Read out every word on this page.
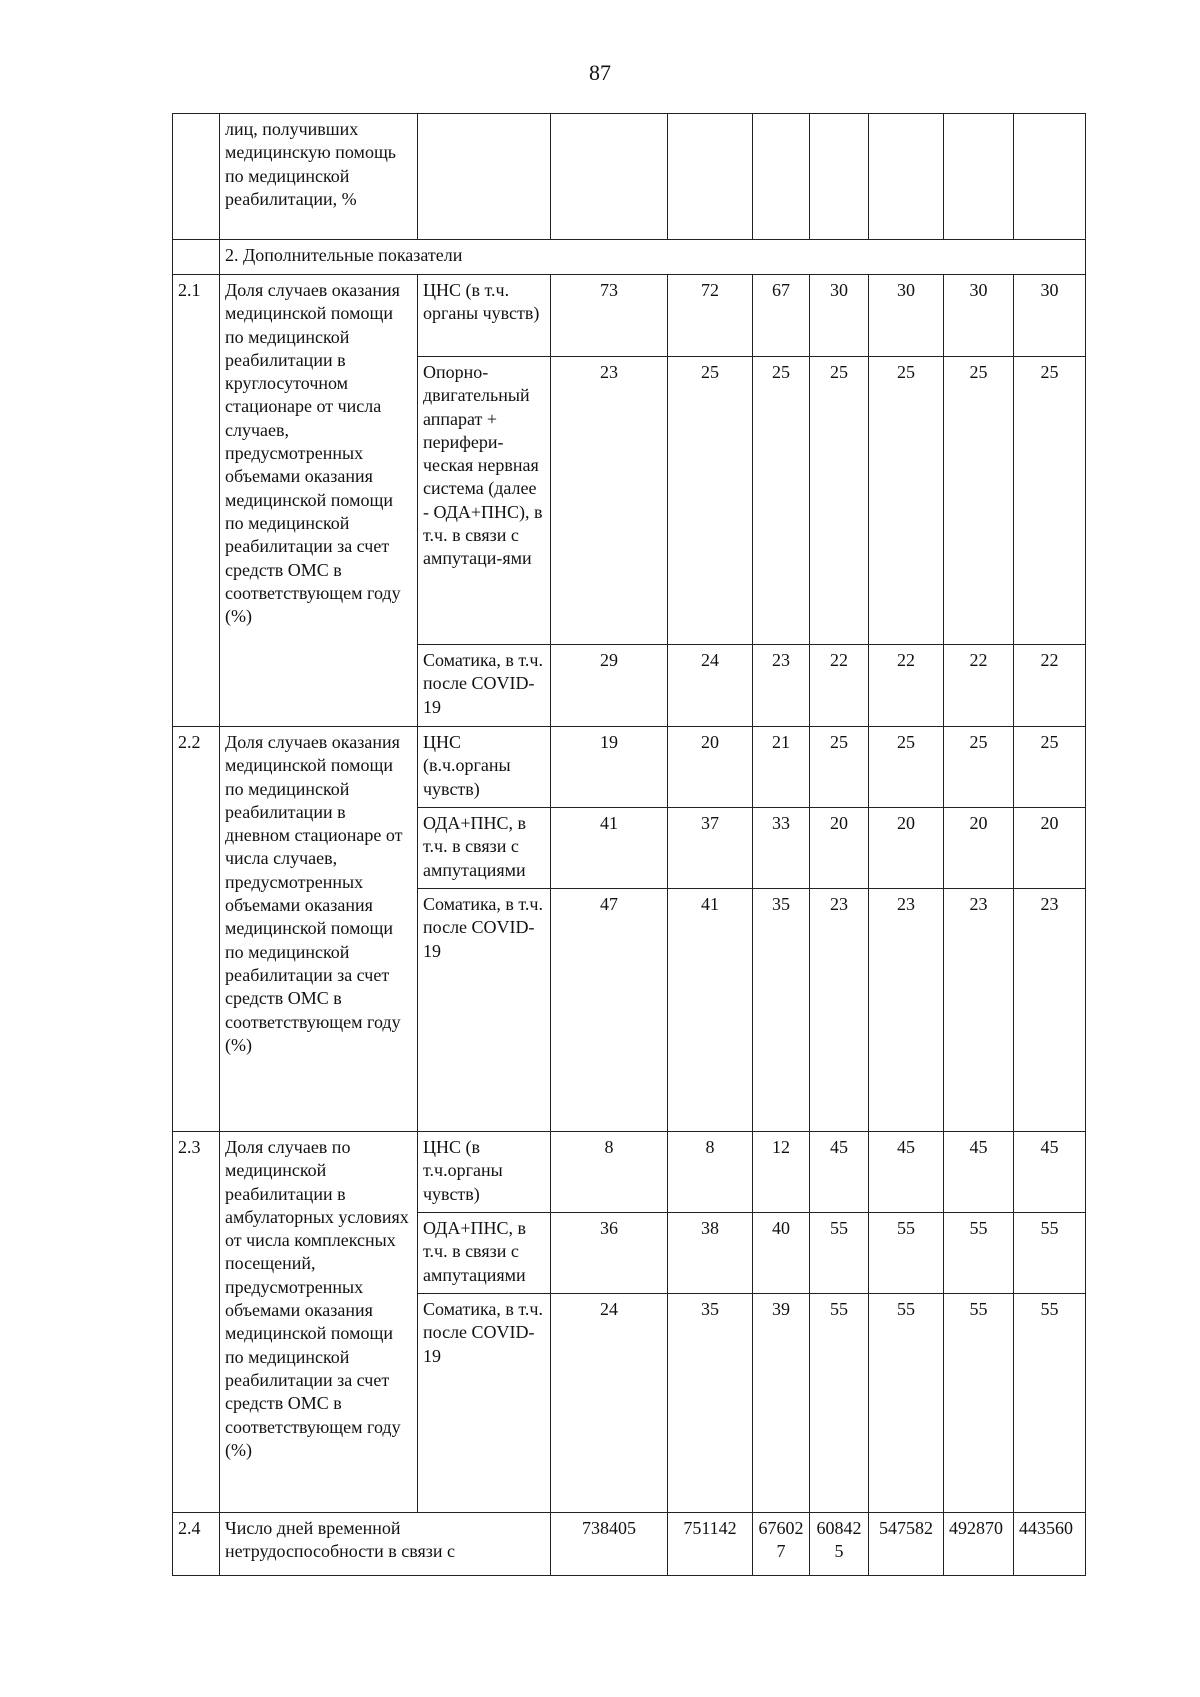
87
	лиц, получивших медицинскую помощь по медицинской реабилитации, %								
	2. Дополнительные показатели								
2.1	Доля случаев оказания медицинской помощи по медицинской реабилитации в круглосуточном стационаре от числа случаев, предусмотренных объемами оказания медицинской помощи по медицинской реабилитации за счет средств ОМС в соответствующем году (%)	ЦНС (в т.ч. органы чувств)	73	72	67	30	30	30	30
		Опорно-двигательный аппарат + перифери-ческая нервная система (далее - ОДА+ПНС), в т.ч. в связи с ампутаци-ями	23	25	25	25	25	25	25
		Соматика, в т.ч. после COVID-19	29	24	23	22	22	22	22
2.2	Доля случаев оказания медицинской помощи по медицинской реабилитации в дневном стационаре от числа случаев, предусмотренных объемами оказания медицинской помощи по медицинской реабилитации за счет средств ОМС в соответствующем году (%)	ЦНС (в.ч.органы чувств)	19	20	21	25	25	25	25
		ОДА+ПНС, в т.ч. в связи с ампутациями	41	37	33	20	20	20	20
		Соматика, в т.ч. после COVID-19	47	41	35	23	23	23	23
2.3	Доля случаев по медицинской реабилитации в амбулаторных условиях от числа комплексных посещений, предусмотренных объемами оказания медицинской помощи по медицинской реабилитации за счет средств ОМС в соответствующем году (%)	ЦНС (в т.ч.органы чувств)	8	8	12	45	45	45	45
		ОДА+ПНС, в т.ч. в связи с ампутациями	36	38	40	55	55	55	55
		Соматика, в т.ч. после COVID-19	24	35	39	55	55	55	55
2.4	Число дней временной нетрудоспособности в связи с		738405	751142	676027	608425	547582	492870	443560
